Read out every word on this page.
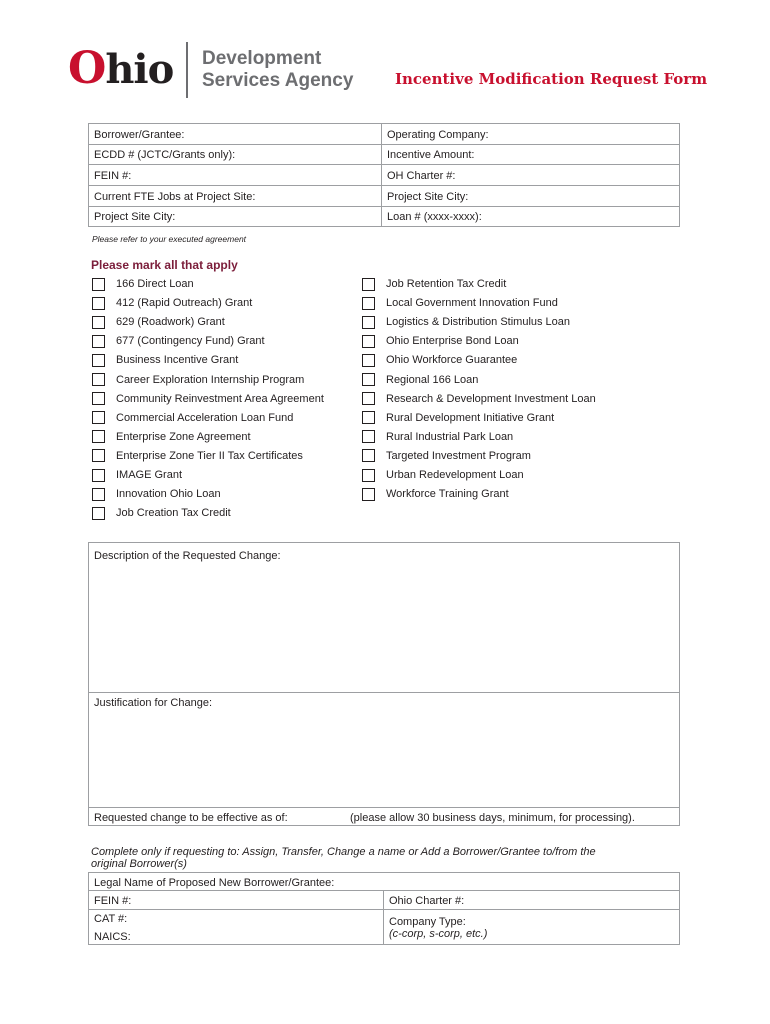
Ohio Development
Services Agency	Incentive Modification Request Form
Borrower/Grantee:
ECDD # (JCTC/Grants only):
FEIN #:
Current FTE Jobs at Project Site:
Project Site City:
Operating Company:
Incentive Amount:
OH Charter #:
Project Site City:
Loan # (xxxx-xxxx):
Please refer to your executed agreement
Please mark all that apply
166 Direct Loan
412 (Rapid Outreach) Grant
629 (Roadwork) Grant
677 (Contingency Fund) Grant
Business Incentive Grant
Career Exploration Internship Program
Community Reinvestment Area Agreement
Commercial Acceleration Loan Fund
Enterprise Zone Agreement
Enterprise Zone Tier II Tax Certificates
IMAGE Grant
Innovation Ohio Loan
Job Creation Tax Credit
Job Retention Tax Credit
Local Government Innovation Fund
Logistics & Distribution Stimulus Loan
Ohio Enterprise Bond Loan
Ohio Workforce Guarantee
Regional 166 Loan
Research & Development Investment Loan
Rural Development Initiative Grant
Rural Industrial Park Loan
Targeted Investment Program
Urban Redevelopment Loan
Workforce Training Grant
Description of the Requested Change:
Justification for Change:
Requested change to be effective as of:	(please allow 30 business days, minimum, for processing).
Complete only if requesting to: Assign, Transfer, Change a name or Add a Borrower/Grantee to/from the
original Borrower(s)
Legal Name of Proposed New Borrower/Grantee:
FEIN #:
CAT #:
NAICS:
Ohio Charter #:
Company Type:
(c-corp, s-corp, etc.)
